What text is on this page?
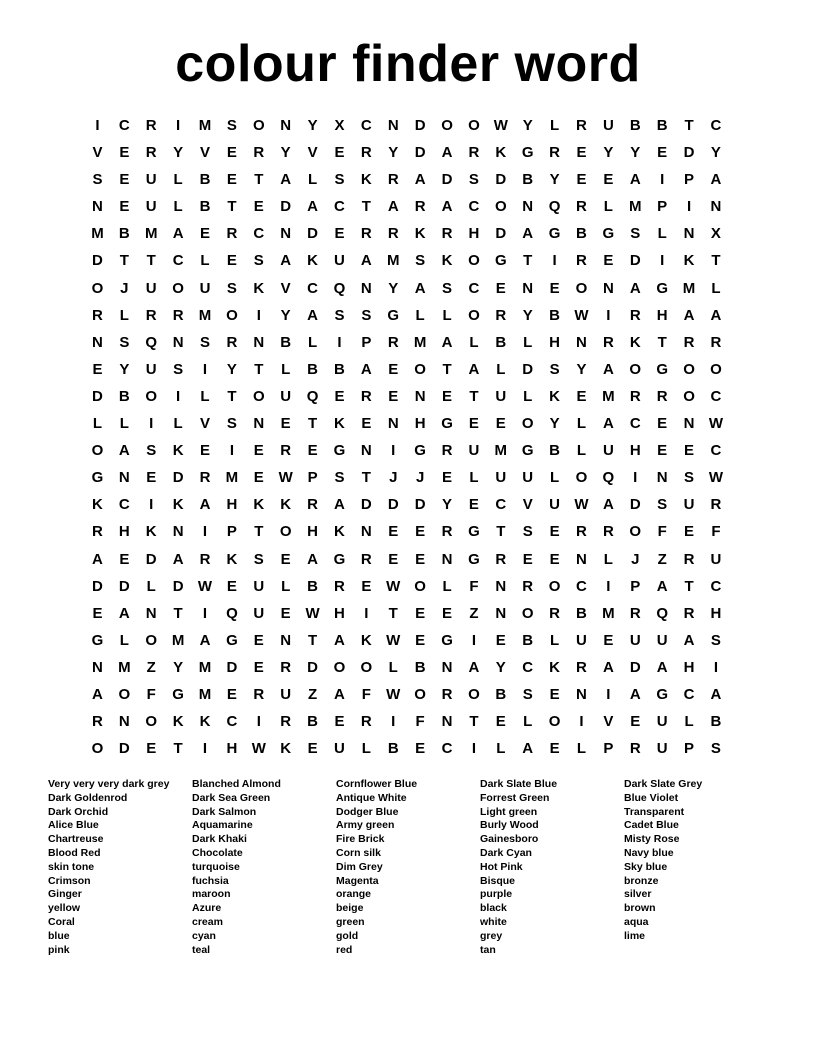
colour finder word
I	C	R	I	M	S	O	N	Y	X	C	N	D	O	O W Y	L	R	U	B	B	T	C
V	E	R	Y	V	E	R	Y	V	E	R	Y	D	A	R	K	G	R	E	Y	Y	E	D	Y
S	E	U	L	B	E	T	A	L	S	K	R	A	D	S	D	B	Y	E	E	A	I	P	A
N	E	U	L	B	T	E	D	A	C	T	A	R	A	C	O	N	Q	R	L	M	P	I	N
M	B	M	A	E	R	C	N	D	E	R	R	K	R	H	D	A	G	B	G	S	L	N	X
D	T	T	C	L	E	S	A	K	U	A	M	S	K	O	G	T	I	R	E	D	I	K	T
O	J	U	O	U	S	K	V	C	Q	N	Y	A	S	C	E	N	E	O	N	A	G M	L
R	L	R	R	M O	I	Y	A	S	S	G	L	L	O	R	Y	B W	I	R	H	A	A
N	S	Q	N	S	R	N	B	L	I	P	R	M	A	L	B	L	H	N	R	K	T	R	R
E	Y	U	S	I	Y	T	L	B	B	A	E	O	T	A	L	D	S	Y	A	O	G	O	O
D	B	O	I	L	T	O	U	Q	E	R	E	N	E	T	U	L	K	E	M	R	R	O	C
L	L	I	L	V	S	N	E	T	K	E	N	H	G	E	E	O	Y	L	A	C	E	N W
O	A	S	K	E	I	E	R	E	G	N	I	G	R	U	M G	B	L	U	H	E	E	C
G	N	E	D	R	M	E W P	S	T	J	J	E	L	U	U	L	O	Q	I	N	S W
K	C	I	K	A	H	K	K	R	A	D	D	D	Y	E	C	V	U W A	D	S	U	R
R	H	K	N	I	P	T	O	H	K	N	E	E	R	G	T	S	E	R	R	O	F	E	F
A	E	D	A	R	K	S	E	A	G	R	E	E	N	G	R	E	E	N	L	J	Z	R	U
D	D	L	D W E	U	L	B	R	E W O	L	F	N	R	O	C	I	P	A	T	C
E	A	N	T	I	Q	U	E W H	I	T	E	E	Z	N	O	R	B	M	R	Q	R	H
G	L	O M	A	G	E	N	T	A	K W E	G	I	E	B	L	U	E	U	U	A	S
N	M	Z	Y	M	D	E	R	D	O	O	L	B	N	A	Y	C	K	R	A	D	A	H	I
A	O	F	G M	E	R	U	Z	A	F	W O	R	O	B	S	E	N	I	A	G	C	A
R	N	O	K	K	C	I	R	B	E	R	I	F	N	T	E	L	O	I	V	E	U	L	B
O	D	E	T	I	H W K	E	U	L	B	E	C	I	L	A	E	L	P	R	U	P	S
Very very very dark grey
Dark Goldenrod
Dark Orchid
Alice Blue
Chartreuse
Blood Red
skin tone
Crimson
Ginger
yellow
Coral
blue
pink
Blanched Almond
Dark Sea Green
Dark Salmon
Aquamarine
Dark Khaki
Chocolate
turquoise
fuchsia
maroon
Azure
cream
cyan
teal
Cornflower Blue
Antique White
Dodger Blue
Army green
Fire Brick
Corn silk
Dim Grey
Magenta
orange
beige
green
gold
red
Dark Slate Blue
Forrest Green
Light green
Burly Wood
Gainesboro
Dark Cyan
Hot Pink
Bisque
purple
black
white
grey
tan
Dark Slate Grey
Blue Violet
Transparent
Cadet Blue
Misty Rose
Navy blue
Sky blue
bronze
silver
brown
aqua
lime
